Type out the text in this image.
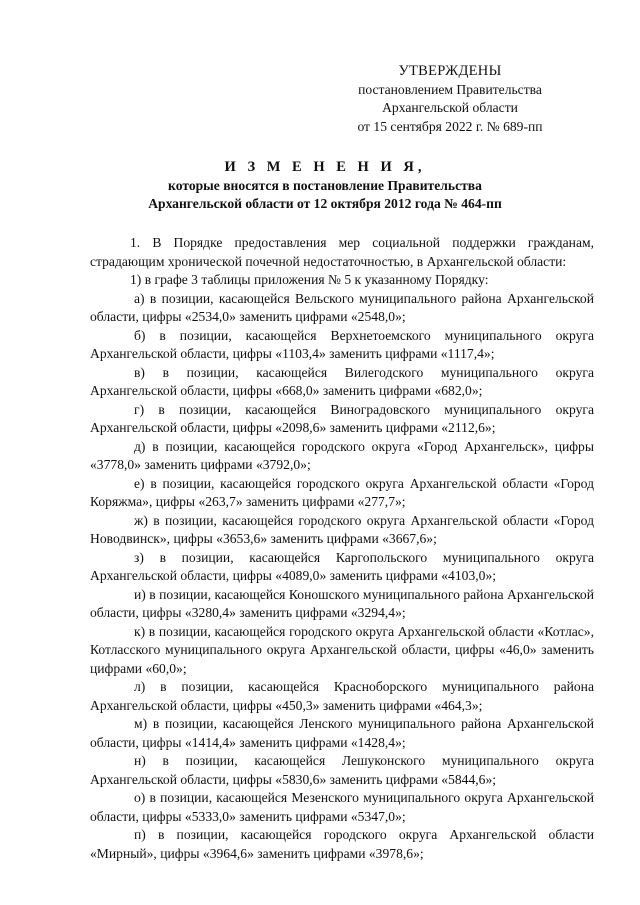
УТВЕРЖДЕНЫ
постановлением Правительства
Архангельской области
от 15 сентября 2022 г. № 689-пп
И З М Е Н Е Н И Я,
которые вносятся в постановление Правительства
Архангельской области от 12 октября 2012 года № 464-пп

1. В Порядке предоставления мер социальной поддержки гражданам, страдающим хронической почечной недостаточностью, в Архангельской области:

1) в графе 3 таблицы приложения № 5 к указанному Порядку:

а) в позиции, касающейся Вельского муниципального района Архангельской области, цифры «2534,0» заменить цифрами «2548,0»;

б) в позиции, касающейся Верхнетоемского муниципального округа Архангельской области, цифры «1103,4» заменить цифрами «1117,4»;

в) в позиции, касающейся Вилегодского муниципального округа Архангельской области, цифры «668,0» заменить цифрами «682,0»;

г) в позиции, касающейся Виноградовского муниципального округа Архангельской области, цифры «2098,6» заменить цифрами «2112,6»;

д) в позиции, касающейся городского округа «Город Архангельск», цифры «3778,0» заменить цифрами «3792,0»;

е) в позиции, касающейся городского округа Архангельской области «Город Коряжма», цифры «263,7» заменить цифрами «277,7»;

ж) в позиции, касающейся городского округа Архангельской области «Город Новодвинск», цифры «3653,6» заменить цифрами «3667,6»;

з) в позиции, касающейся Каргопольского муниципального округа Архангельской области, цифры «4089,0» заменить цифрами «4103,0»;

и) в позиции, касающейся Коношского муниципального района Архангельской области, цифры «3280,4» заменить цифрами «3294,4»;

к) в позиции, касающейся городского округа Архангельской области «Котлас», Котласского муниципального округа Архангельской области, цифры «46,0» заменить цифрами «60,0»;

л) в позиции, касающейся Красноборского муниципального района Архангельской области, цифры «450,3» заменить цифрами «464,3»;

м) в позиции, касающейся Ленского муниципального района Архангельской области, цифры «1414,4» заменить цифрами «1428,4»;

н) в позиции, касающейся Лешуконского муниципального округа Архангельской области, цифры «5830,6» заменить цифрами «5844,6»;

о) в позиции, касающейся Мезенского муниципального округа Архангельской области, цифры «5333,0» заменить цифрами «5347,0»;

п) в позиции, касающейся городского округа Архангельской области «Мирный», цифры «3964,6» заменить цифрами «3978,6»;
